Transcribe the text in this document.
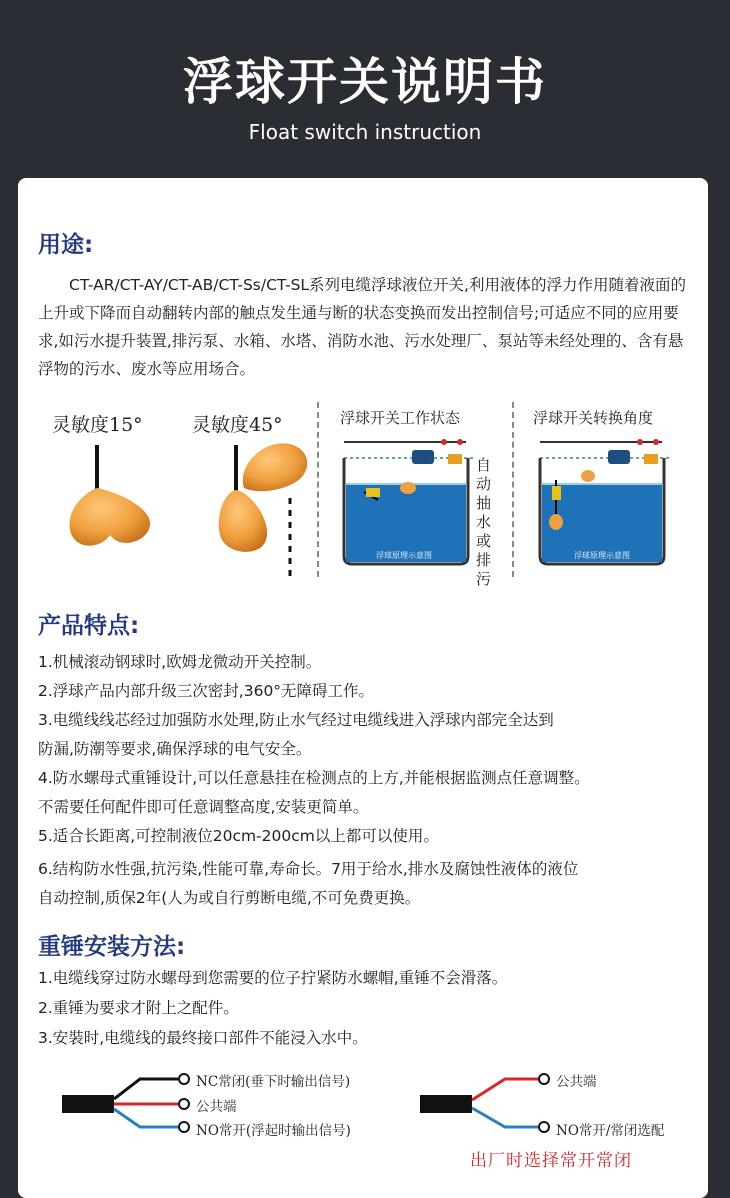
浮球开关说明书
Float switch instruction
用途:
CT-AR/CT-AY/CT-AB/CT-Ss/CT-SL系列电缆浮球液位开关,利用液体的浮力作用随着液面的上升或下降而自动翻转内部的触点发生通与断的状态变换而发出控制信号;可适应不同的应用要求,如污水提升装置,排污泵、水箱、水塔、消防水池、污水处理厂、泵站等未经处理的、含有悬浮物的污水、废水等应用场合。
灵敏度15°	灵敏度45°	浮球开关工作状态	浮球开关转换角度
浮球原理示意图
自动抽水或排污
浮球原理示意图
产品特点:
1.机械滚动钢球时,欧姆龙微动开关控制。
2.浮球产品内部升级三次密封,360°无障碍工作。
3.电缆线线芯经过加强防水处理,防止水气经过电缆线进入浮球内部完全达到
防漏,防潮等要求,确保浮球的电气安全。
4.防水螺母式重锤设计,可以任意悬挂在检测点的上方,并能根据监测点任意调整。
不需要任何配件即可任意调整高度,安装更简单。
5.适合长距离,可控制液位20cm-200cm以上都可以使用。
6.结构防水性强,抗污染,性能可靠,寿命长。7用于给水,排水及腐蚀性液体的液位
自动控制,质保2年(人为或自行剪断电缆,不可免费更换。
重锤安装方法:
1.电缆线穿过防水螺母到您需要的位子拧紧防水螺帽,重锤不会滑落。
2.重锤为要求才附上之配件。
3.安裝时,电缆线的最终接口部件不能浸入水中。
NC常闭(垂下时输出信号)
公共端
NO常开(浮起时输出信号)
公共端
NO常开/常闭选配
出厂时选择常开常闭
